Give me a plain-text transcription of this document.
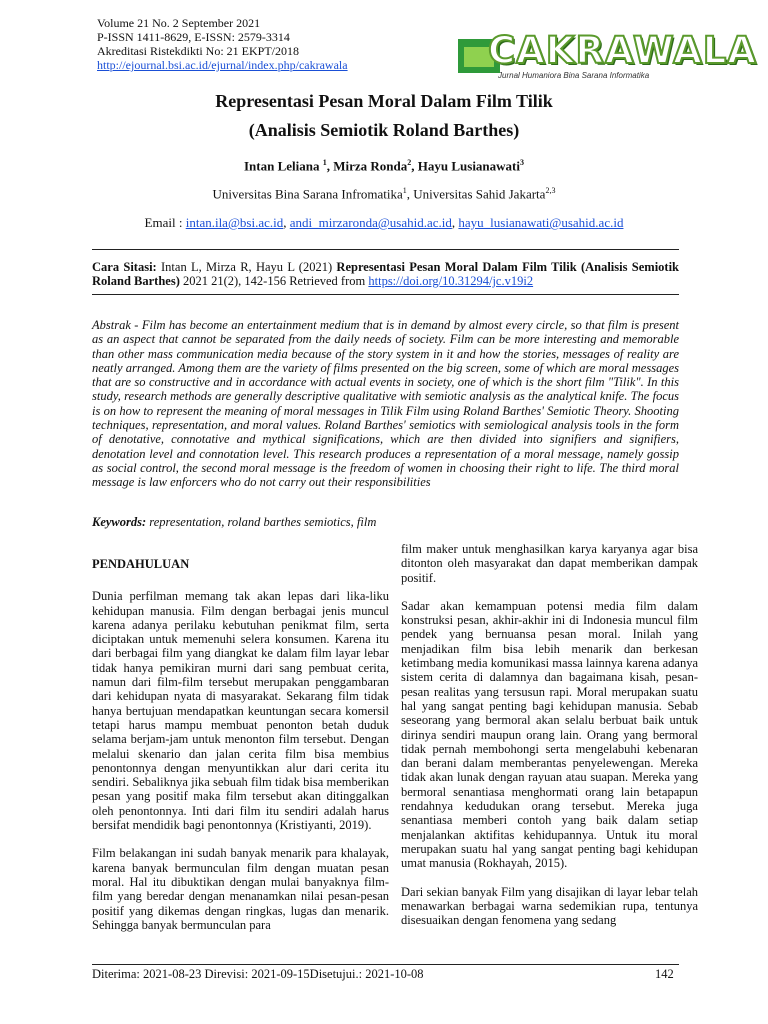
Volume 21 No. 2 September 2021
P-ISSN 1411-8629, E-ISSN: 2579-3314
Akreditasi Ristekdikti No: 21 EKPT/2018
http://ejournal.bsi.ac.id/ejurnal/index.php/cakrawala	CAKRAWALA
Jurnal Humaniora Bina Sarana Informatika
Representasi Pesan Moral Dalam Film Tilik
(Analisis Semiotik Roland Barthes)
Intan Leliana $^1$, Mirza Ronda$^2$, Hayu Lusianawati$^3$
Universitas Bina Sarana Infromatika$^1$, Universitas Sahid Jakarta$^{2,3}$
Email : intan.ila@bsi.ac.id, andi_mirzaronda@usahid.ac.id, hayu_lusianawati@usahid.ac.id
Cara Sitasi: Intan L, Mirza R, Hayu L (2021) Representasi Pesan Moral Dalam Film Tilik (Analisis Semiotik Roland Barthes) 2021 21(2), 142-156 Retrieved from https://doi.org/10.31294/jc.v19i2
Abstrak - Film has become an entertainment medium that is in demand by almost every circle, so that film is present as an aspect that cannot be separated from the daily needs of society. Film can be more interesting and memorable than other mass communication media because of the story system in it and how the stories, messages of reality are neatly arranged. Among them are the variety of films presented on the big screen, some of which are moral messages that are so constructive and in accordance with actual events in society, one of which is the short film "Tilik". In this study, research methods are generally descriptive qualitative with semiotic analysis as the analytical knife. The focus is on how to represent the meaning of moral messages in Tilik Film using Roland Barthes' Semiotic Theory. Shooting techniques, representation, and moral values. Roland Barthes' semiotics with semiological analysis tools in the form of denotative, connotative and mythical significations, which are then divided into signifiers and signifiers, denotation level and connotation level. This research produces a representation of a moral message, namely gossip as social control, the second moral message is the freedom of women in choosing their right to life. The third moral message is law enforcers who do not carry out their responsibilities
Keywords: representation, roland barthes semiotics, film
PENDAHULUAN

Dunia perfilman memang tak akan lepas dari lika-liku kehidupan manusia. Film dengan berbagai jenis muncul karena adanya perilaku kebutuhan penikmat film, serta diciptakan untuk memenuhi selera konsumen. Karena itu dari berbagai film yang diangkat ke dalam film layar lebar tidak hanya pemikiran murni dari sang pembuat cerita, namun dari film-film tersebut merupakan penggambaran dari kehidupan nyata di masyarakat. Sekarang film tidak hanya bertujuan mendapatkan keuntungan secara komersil tetapi harus mampu membuat penonton betah duduk selama berjam-jam untuk menonton film tersebut. Dengan melalui skenario dan jalan cerita film bisa membius penontonnya dengan menyuntikkan alur dari cerita itu sendiri. Sebaliknya jika sebuah film tidak bisa memberikan pesan yang positif maka film tersebut akan ditinggalkan oleh penontonnya. Inti dari film itu sendiri adalah harus bersifat mendidik bagi penontonnya (Kristiyanti, 2019).

Film belakangan ini sudah banyak menarik para khalayak, karena banyak bermunculan film dengan muatan pesan moral. Hal itu dibuktikan dengan mulai banyaknya film-film yang beredar dengan menanamkan nilai pesan-pesan positif yang dikemas dengan ringkas, lugas dan menarik. Sehingga banyak bermunculan para

film maker untuk menghasilkan karya karyanya agar bisa ditonton oleh masyarakat dan dapat memberikan dampak positif.

Sadar akan kemampuan potensi media film dalam konstruksi pesan, akhir-akhir ini di Indonesia muncul film pendek yang bernuansa pesan moral. Inilah yang menjadikan film bisa lebih menarik dan berkesan ketimbang media komunikasi massa lainnya karena adanya sistem cerita di dalamnya dan bagaimana kisah, pesan-pesan realitas yang tersusun rapi. Moral merupakan suatu hal yang sangat penting bagi kehidupan manusia. Sebab seseorang yang bermoral akan selalu berbuat baik untuk dirinya sendiri maupun orang lain. Orang yang bermoral tidak pernah membohongi serta mengelabuhi kebenaran dan berani dalam memberantas penyelewengan. Mereka tidak akan lunak dengan rayuan atau suapan. Mereka yang bermoral senantiasa menghormati orang lain betapapun rendahnya kedudukan orang tersebut. Mereka juga senantiasa memberi contoh yang baik dalam setiap menjalankan aktifitas kehidupannya. Untuk itu moral merupakan suatu hal yang sangat penting bagi kehidupan umat manusia (Rokhayah, 2015).

Dari sekian banyak Film yang disajikan di layar lebar telah menawarkan berbagai warna sedemikian rupa, tentunya disesuaikan dengan fenomena yang sedang

Diterima: 2021-08-23 Direvisi: 2021-09-15Disetujui.: 2021-10-08	142
